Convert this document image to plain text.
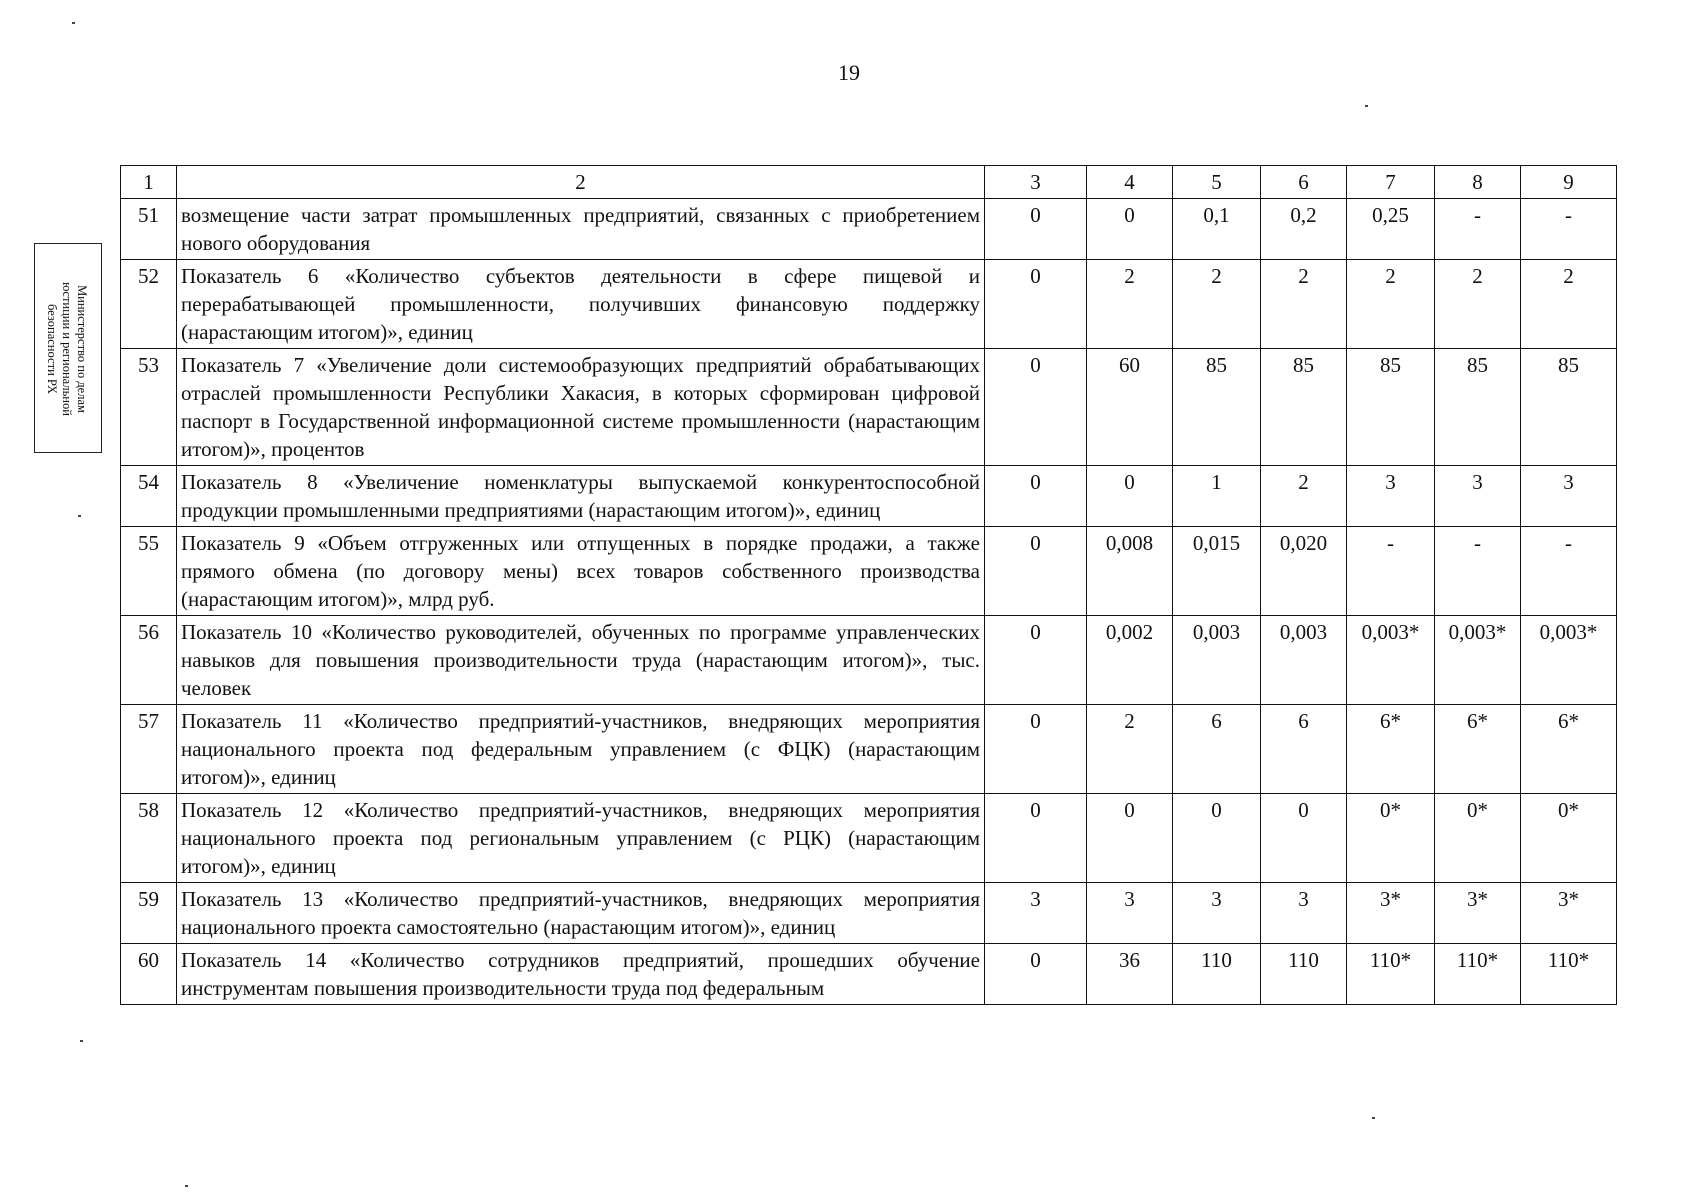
19
Министерство по делам
юстиции и региональной
безопасности РХ
1	2	3	4	5	6	7	8	9
51	возмещение части затрат промышленных предприятий, связанных с приобретением нового оборудования	0	0	0,1	0,2	0,25	-	-
52	Показатель 6 «Количество субъектов деятельности в сфере пищевой и перерабатывающей промышленности, получивших финансовую поддержку (нарастающим итогом)», единиц	0	2	2	2	2	2	2
53	Показатель 7 «Увеличение доли системообразующих предприятий обрабатывающих отраслей промышленности Республики Хакасия, в которых сформирован цифровой паспорт в Государственной информационной системе промышленности (нарастающим итогом)», процентов	0	60	85	85	85	85	85
54	Показатель 8 «Увеличение номенклатуры выпускаемой конкурентоспособной продукции промышленными предприятиями (нарастающим итогом)», единиц	0	0	1	2	3	3	3
55	Показатель 9 «Объем отгруженных или отпущенных в порядке продажи, а также прямого обмена (по договору мены) всех товаров собственного производства (нарастающим итогом)», млрд руб.	0	0,008	0,015	0,020	-	-	-
56	Показатель 10 «Количество руководителей, обученных по программе управленческих навыков для повышения производительности труда (нарастающим итогом)», тыс. человек	0	0,002	0,003	0,003	0,003*	0,003*	0,003*
57	Показатель 11 «Количество предприятий-участников, внедряющих мероприятия национального проекта под федеральным управлением (с ФЦК) (нарастающим итогом)», единиц	0	2	6	6	6*	6*	6*
58	Показатель 12 «Количество предприятий-участников, внедряющих мероприятия национального проекта под региональным управлением (с РЦК) (нарастающим итогом)», единиц	0	0	0	0	0*	0*	0*
59	Показатель 13 «Количество предприятий-участников, внедряющих мероприятия национального проекта самостоятельно (нарастающим итогом)», единиц	3	3	3	3	3*	3*	3*
60	Показатель 14 «Количество сотрудников предприятий, прошедших обучение инструментам повышения производительности труда под федеральным	0	36	110	110	110*	110*	110*
